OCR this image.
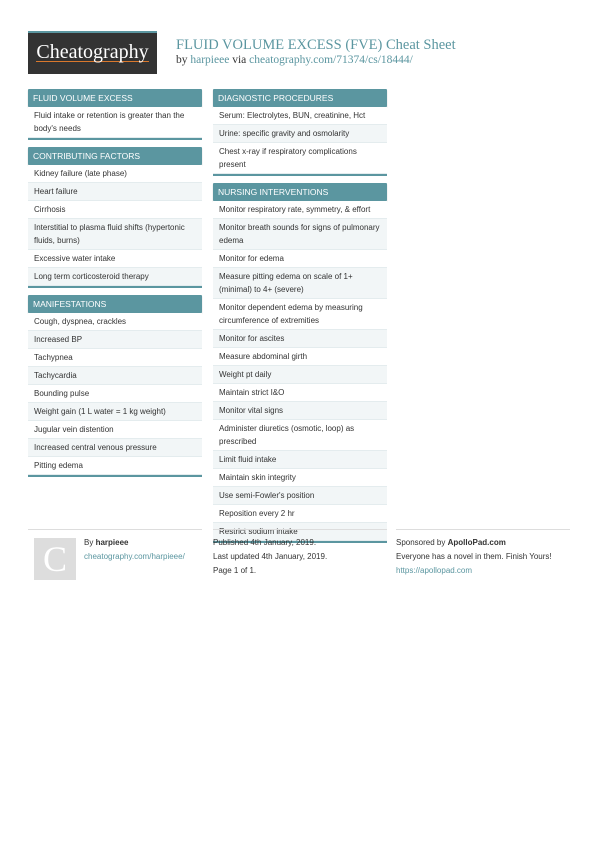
Cheatography	FLUID VOLUME EXCESS (FVE) Cheat Sheet
by harpieee via cheatography.com/71374/cs/18444/
FLUID VOLUME EXCESS
Fluid intake or retention is greater than the body's needs
CONTRIBUTING FACTORS
Kidney failure (late phase)
Heart failure
Cirrhosis
Interstitial to plasma fluid shifts (hypertonic fluids, burns)
Excessive water intake
Long term corticosteroid therapy
MANIFESTATIONS
Cough, dyspnea, crackles
Increased BP
Tachypnea
Tachycardia
Bounding pulse
Weight gain (1 L water = 1 kg weight)
Jugular vein distention
Increased central venous pressure
Pitting edema
DIAGNOSTIC PROCEDURES
Serum: Electrolytes, BUN, creatinine, Hct
Urine: specific gravity and osmolarity
Chest x-ray if respiratory complications present
NURSING INTERVENTIONS
Monitor respiratory rate, symmetry, & effort
Monitor breath sounds for signs of pulmonary edema
Monitor for edema
Measure pitting edema on scale of 1+ (minimal) to 4+ (severe)
Monitor dependent edema by measuring circumference of extremities
Monitor for ascites
Measure abdominal girth
Weight pt daily
Maintain strict I&O
Monitor vital signs
Administer diuretics (osmotic, loop) as prescribed
Limit fluid intake
Maintain skin integrity
Use semi-Fowler's position
Reposition every 2 hr
Restrict sodium intake
C	By harpieee
cheatography.com/harpieee/
Published 4th January, 2019.
Last updated 4th January, 2019.
Page 1 of 1.
Sponsored by ApolloPad.com
Everyone has a novel in them. Finish Yours!
https://apollopad.com
